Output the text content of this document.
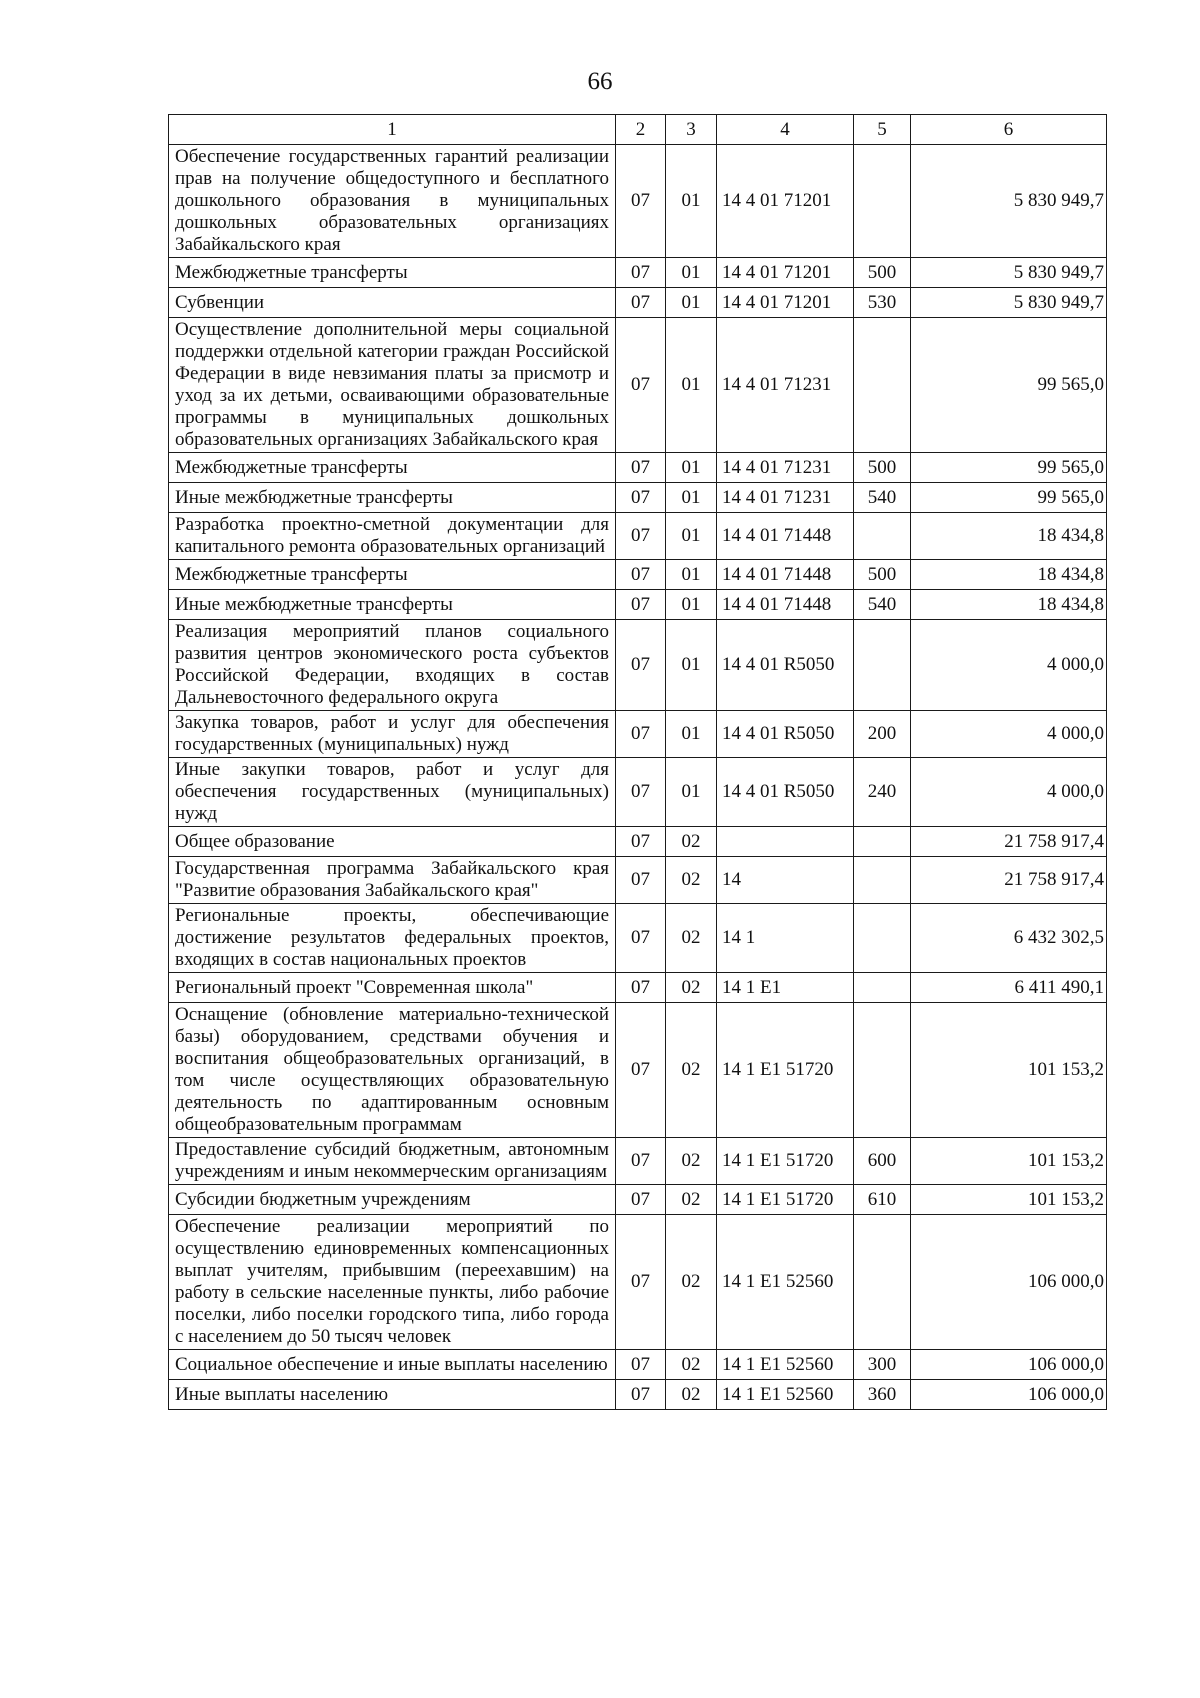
66
1	2	3	4	5	6
Обеспечение государственных гарантий реализации прав на получение общедоступного и бесплатного дошкольного образования в муниципальных дошкольных образовательных организациях Забайкальского края	07	01	14 4 01 71201		5 830 949,7
Межбюджетные трансферты	07	01	14 4 01 71201	500	5 830 949,7
Субвенции	07	01	14 4 01 71201	530	5 830 949,7
Осуществление дополнительной меры социальной поддержки отдельной категории граждан Российской Федерации в виде невзимания платы за присмотр и уход за их детьми, осваивающими образовательные программы в муниципальных дошкольных образовательных организациях Забайкальского края	07	01	14 4 01 71231		99 565,0
Межбюджетные трансферты	07	01	14 4 01 71231	500	99 565,0
Иные межбюджетные трансферты	07	01	14 4 01 71231	540	99 565,0
Разработка проектно-сметной документации для капитального ремонта образовательных организаций	07	01	14 4 01 71448		18 434,8
Межбюджетные трансферты	07	01	14 4 01 71448	500	18 434,8
Иные межбюджетные трансферты	07	01	14 4 01 71448	540	18 434,8
Реализация мероприятий планов социального развития центров экономического роста субъектов Российской Федерации, входящих в состав Дальневосточного федерального округа	07	01	14 4 01 R5050		4 000,0
Закупка товаров, работ и услуг для обеспечения государственных (муниципальных) нужд	07	01	14 4 01 R5050	200	4 000,0
Иные закупки товаров, работ и услуг для обеспечения государственных (муниципальных) нужд	07	01	14 4 01 R5050	240	4 000,0
Общее образование	07	02			21 758 917,4
Государственная программа Забайкальского края "Развитие образования Забайкальского края"	07	02	14		21 758 917,4
Региональные проекты, обеспечивающие достижение результатов федеральных проектов, входящих в состав национальных проектов	07	02	14 1		6 432 302,5
Региональный проект "Современная школа"	07	02	14 1 E1		6 411 490,1
Оснащение (обновление материально-технической базы) оборудованием, средствами обучения и воспитания общеобразовательных организаций, в том числе осуществляющих образовательную деятельность по адаптированным основным общеобразовательным программам	07	02	14 1 E1 51720		101 153,2
Предоставление субсидий бюджетным, автономным учреждениям и иным некоммерческим организациям	07	02	14 1 E1 51720	600	101 153,2
Субсидии бюджетным учреждениям	07	02	14 1 E1 51720	610	101 153,2
Обеспечение реализации мероприятий по осуществлению единовременных компенсационных выплат учителям, прибывшим (переехавшим) на работу в сельские населенные пункты, либо рабочие поселки, либо поселки городского типа, либо города с населением до 50 тысяч человек	07	02	14 1 E1 52560		106 000,0
Социальное обеспечение и иные выплаты населению	07	02	14 1 E1 52560	300	106 000,0
Иные выплаты населению	07	02	14 1 E1 52560	360	106 000,0
